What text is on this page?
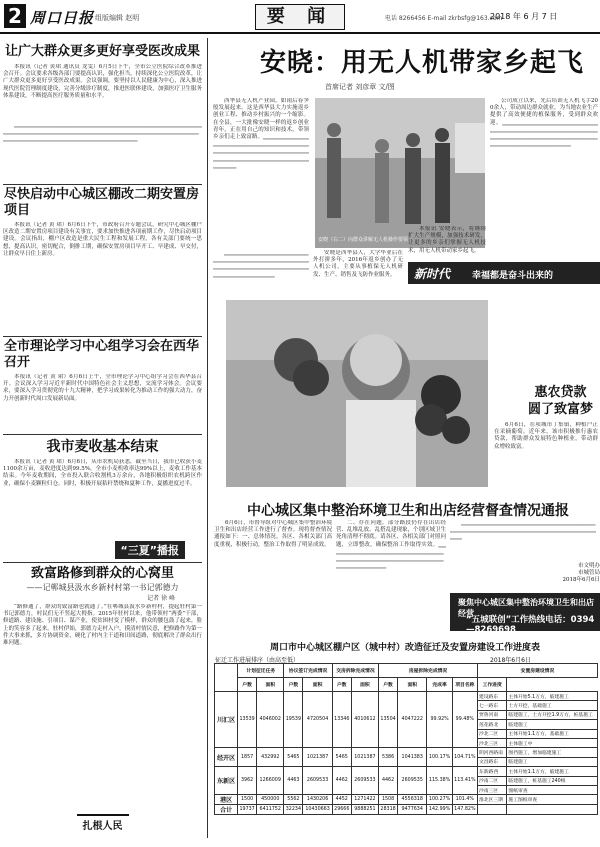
2 周口日报 组版编辑 赵明	要 闻	电话 8266456 E-mail zkrbsfg@163.com
2018 年 6 月 7 日
让广大群众更多更好享受医改成果
本报讯（记者 黄珺 通讯员 龙雯）6月5日下午，全市公立医院综合改革推进会召开。会议要求各级各部门要提高认识，强化担当，持续深化公立医院改革，让广大群众更多更好享受医改成果。会议强调，要坚持以人民健康为中心，深入推进现代医院管理制度建设，完善分级诊疗制度，推进医联体建设，加强医疗卫生服务体系建设，不断提高医疗服务质量和水平。
▁▁▁▁▁▁▁▁▁▁▁▁▁▁▁▁▁▁▁▁▁▁▁▁▁▁▁▁▁▁▁▁▁▁▁▁▁▁▁▁▁▁▁▁▁▁▁▁▁▁▁▁▁▁▁▁▁▁▁▁▁▁▁▁▁▁▁▁▁▁▁▁▁▁▁▁▁▁▁▁▁▁▁▁▁▁▁▁▁▁▁▁▁▁▁▁▁▁▁▁▁▁▁▁▁▁▁▁▁▁▁▁▁▁▁▁▁▁▁▁▁▁▁▁▁▁▁▁▁▁▁▁▁▁▁
尽快启动中心城区棚改二期安置房项目
本报讯（记者 黄 珺）6月6日下午，市政府召开专题会议，研究中心城区棚户区改造二期安置房项目建设有关事宜，要求加快推进各项前期工作，尽快启动项目建设。会议指出，棚户区改造是重大民生工程和发展工程，各有关部门要统一思想，提高认识，密切配合，倒排工期，确保安置房项目早开工、早建成、早交付，让群众早日住上新房。
全市理论学习中心组学习会在西华召开
本报讯（记者 黄 珺）6月6日上午，全市理论学习中心组学习会在西华县召开。会议深入学习习近平新时代中国特色社会主义思想，交流学习体会。会议要求，要深入学习贯彻党的十九大精神，把学习成果转化为推动工作的强大动力，奋力开创新时代周口发展新局面。
我市麦收基本结束
本报讯（记者 黄 珺）6月6日，从市农机局获悉，截至当日，我市已收获小麦1100余万亩，麦收进度达到99.5%，全市小麦机收率达99%以上，麦收工作基本结束。今年麦收期间，全市投入联合收割机3万余台，各地积极组织农机跨区作业，确保小麦颗粒归仓。同时，积极开展秸秆禁烧和夏种工作，夏播进度过半。
“三夏”播报
致富路修到群众的心窝里
——记郸城县汲水乡新村村第一书记郭德力
记者 徐 峰
“路修通了，群众的致富路也就通了。”在郸城县汲水乡新村村，提起驻村第一书记郭德力，村民们无不竖起大拇指。2015年驻村以来，他带领村“两委”干部，修道路、建设施、引项目、谋产业，使贫困村变了模样，群众的腰包鼓了起来，脸上的笑容多了起来。驻村伊始，郭德力走村入户，摸清村情民意，把修路作为第一件大事来抓，多方协调资金，硬化了村内主干道和田间道路，彻底解决了群众出行难问题。
扎根人民
安晓：用无人机带家乡起飞
首席记者 刘彦章 文/图
安晓（右二）向群众讲解无人机操作要领
西华县无人机产业园，如雨后春笋般发展起来。这是西华县大力实施返乡创业工程、推动乡村振兴的一个缩影。在全县，一大批像安晓一样的返乡创业青年，正在用自己的知识和技术，带领乡亲们走上致富路。▁▁▁▁▁▁▁▁▁▁▁▁▁▁▁▁▁▁▁▁▁▁▁▁▁▁▁▁▁▁▁▁▁▁▁▁▁▁▁▁▁▁▁▁▁▁▁▁▁▁▁▁▁▁▁▁▁▁▁▁▁▁▁▁▁▁▁▁▁▁▁▁▁▁▁▁▁▁▁▁▁▁▁▁▁▁▁▁▁▁▁▁▁
▁▁▁▁▁▁▁▁▁▁▁▁▁▁▁▁▁▁▁▁▁▁▁▁▁▁▁▁▁▁▁▁▁▁▁▁▁▁▁▁▁▁▁▁▁▁▁▁▁▁▁▁▁▁▁▁▁▁▁▁▁▁▁▁▁▁▁▁▁▁▁▁▁▁▁▁▁▁▁▁▁▁▁▁▁▁▁▁
安晓是西华县人，大学毕业后在外打拼多年，2016年返乡创办了无人机公司，主要从事植保无人机研发、生产、销售及飞防作业服务。
公司成立以来，先后培训无人机飞手200余人，带动周边群众就业，为当地农业生产提供了高效便捷的植保服务，受到群众欢迎。▁▁▁▁▁▁▁▁▁▁▁▁▁▁▁▁▁▁▁▁▁▁▁▁▁▁▁▁▁▁▁▁▁▁▁▁▁▁▁▁▁▁▁▁▁▁▁▁▁▁▁▁▁▁▁▁▁▁▁▁▁▁▁▁▁▁▁▁▁▁▁▁▁▁▁▁▁▁▁▁▁▁▁▁▁▁▁▁▁▁▁▁▁▁▁▁▁▁▁▁▁▁
本报讯 安晓表示，将继续扩大生产规模，加强技术研发，让更多的乡亲们掌握无人机技术，用无人机带动家乡起飞。
新时代 幸福都是奋斗出来的
惠农贷款
圆了致富梦
6月6日，在项城市丁集镇，种植户正在采摘葡萄。近年来，该市积极推行惠农贷款，帮助群众发展特色种植业，带动群众增收致富。
中心城区集中整治环境卫生和出店经营督查情况通报
6月6日，市督导组对中心城区集中整治环境卫生和出店经营工作进行了督查。现将督查情况通报如下：一、总体情况。各区、各相关部门高度重视，积极行动，整治工作取得了明显成效。
二、存在问题。部分路段仍存在出店经营、乱堆乱放、乱搭乱建现象，个别区域卫生死角清理不彻底。请各区、各相关部门对照问题，立即整改，确保整治工作取得实效。▁▁▁▁▁▁▁▁▁▁▁▁▁▁▁▁▁▁▁▁▁▁▁▁▁▁▁▁▁▁▁▁▁▁▁▁▁▁▁▁▁▁▁▁▁▁▁▁▁▁▁▁▁▁▁▁▁▁▁▁▁▁▁▁▁▁▁▁▁▁▁
▁▁▁▁▁▁▁▁▁▁▁▁▁▁▁▁▁▁▁▁▁▁▁▁▁▁▁▁▁▁▁▁▁▁▁▁▁▁▁▁▁▁▁▁▁▁▁▁▁▁▁▁▁▁▁▁▁▁▁▁▁▁▁▁▁▁▁▁▁▁▁▁▁▁▁▁
市文明办
市城管局
2018年6月6日
聚焦中心城区集中整治环境卫生和出店经营
“五城联创”工作热线电话：0394—8269698
周口市中心城区棚户区（城中村）改造征迁及安置房建设工作进度表
征迁工作进展排序（由高至低）	2018年6月6日
	计划征迁任务		协议签订完成情况		交房拆除完成情况		房屋拆除完成情况				安置房建设情况	
	户数	面积	户数	面积	户数	面积	户数	面积	完成率	项目名称	工作进度	
川汇区	13539	4046002	19539	4720504	13346	4010612	13504	4047222	99.92%	99.48%	建设路东	主体开始5.1万方，临建施工
											七一路东	土方开挖，基础施工
											贾鲁河南	临建施工，土方开挖1.9万方，桩基施工
											莲花路北	临建施工
											沙北二区	主体开始1.1万方，基础施工
											沙北三区	主体施工中
经开区	1857	432992	5465	1021387	5465	1021387	5386	1041383	100.17%	104.71%	阴河西路南	围挡施工，增加临建施工
											文昌路东	临建施工
东新区	3962	1266009	4463	2609533	4462	2609533	4462	2609535	115.38%	113.41%	东新路西	主体开始1.1万方，临建施工
											沙南二区	临建施工，桩基施工240根
											沙南三区	图纸审查
港区	1500	450000	5562	1430206	4452	1271422	1508	4556318	100.27%	101.4%	淮北区三期	施工图纸审查
合计	19737	6411752	32234	10430663	29666	9888251	28318	9477634	142.99%	147.82%		
